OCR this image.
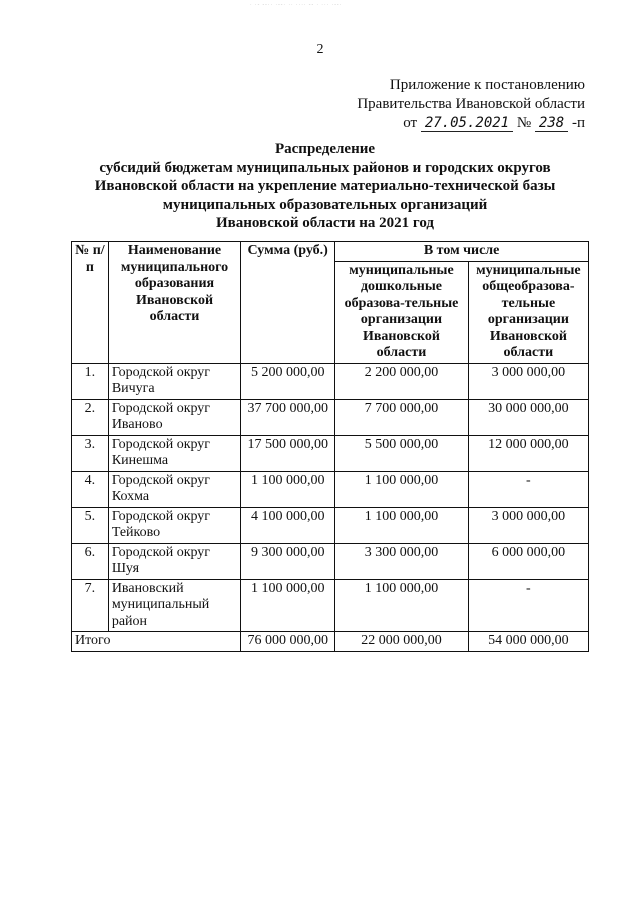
· ·- --·· ·--· ·· ···· -- · ··· ·--·
2
Приложение к постановлению
Правительства Ивановской области
от 27.05.2021 № 238 -п
Распределение
субсидий бюджетам муниципальных районов и городских округов
Ивановской области на укрепление материально-технической базы
муниципальных образовательных организаций
Ивановской области на 2021 год
№ п/п	Наименование муниципального образования Ивановской области	Сумма (руб.)	В том числе	
			муниципальные дошкольные образова-тельные организации Ивановской области	муниципальные общеобразова-тельные организации Ивановской области
1.	Городской округ Вичуга	5 200 000,00	2 200 000,00	3 000 000,00
2.	Городской округ Иваново	37 700 000,00	7 700 000,00	30 000 000,00
3.	Городской округ Кинешма	17 500 000,00	5 500 000,00	12 000 000,00
4.	Городской округ Кохма	1 100 000,00	1 100 000,00	-
5.	Городской округ Тейково	4 100 000,00	1 100 000,00	3 000 000,00
6.	Городской округ Шуя	9 300 000,00	3 300 000,00	6 000 000,00
7.	Ивановский муниципальный район	1 100 000,00	1 100 000,00	-
Итого		76 000 000,00	22 000 000,00	54 000 000,00
